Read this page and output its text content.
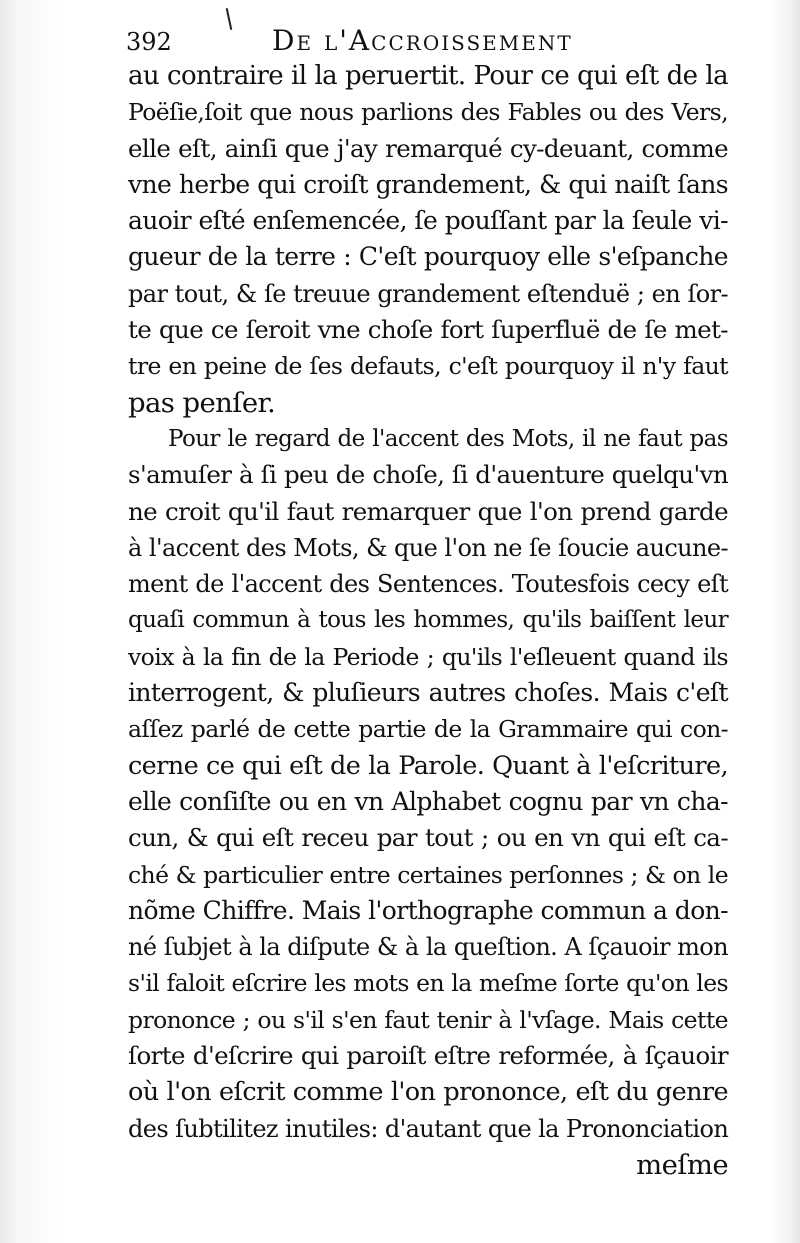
392	De l'Accroissement
au contraire il la peruertit. Pour ce qui eſt de la
Poëſie,ſoit que nous parlions des Fables ou des Vers,
elle eſt, ainſi que j'ay remarqué cy-deuant, comme
vne herbe qui croiſt grandement, & qui naiſt ſans
auoir eſté enſemencée, ſe pouſſant par la ſeule vi-
gueur de la terre : C'eſt pourquoy elle s'eſpanche
par tout, & ſe treuue grandement eſtenduë ; en ſor-
te que ce ſeroit vne choſe fort ſuperfluë de ſe met-
tre en peine de ſes defauts, c'eſt pourquoy il n'y faut
pas penſer.
Pour le regard de l'accent des Mots, il ne faut pas
s'amuſer à ſi peu de choſe, ſi d'auenture quelqu'vn
ne croit qu'il faut remarquer que l'on prend garde
à l'accent des Mots, & que l'on ne ſe ſoucie aucune-
ment de l'accent des Sentences. Toutesfois cecy eſt
quaſi commun à tous les hommes, qu'ils baiſſent leur
voix à la fin de la Periode ; qu'ils l'eſleuent quand ils
interrogent, & pluſieurs autres choſes. Mais c'eſt
aſſez parlé de cette partie de la Grammaire qui con-
cerne ce qui eſt de la Parole. Quant à l'eſcriture,
elle conſiſte ou en vn Alphabet cognu par vn cha-
cun, & qui eſt receu par tout ; ou en vn qui eſt ca-
ché & particulier entre certaines perſonnes ; & on le
nõme Chiffre. Mais l'orthographe commun a don-
né ſubjet à la diſpute & à la queſtion. A ſçauoir mon
s'il faloit eſcrire les mots en la meſme ſorte qu'on les
prononce ; ou s'il s'en faut tenir à l'vſage. Mais cette
ſorte d'eſcrire qui paroiſt eſtre reformée, à ſçauoir
où l'on eſcrit comme l'on prononce, eſt du genre
des ſubtilitez inutiles: d'autant que la Prononciation
meſme
